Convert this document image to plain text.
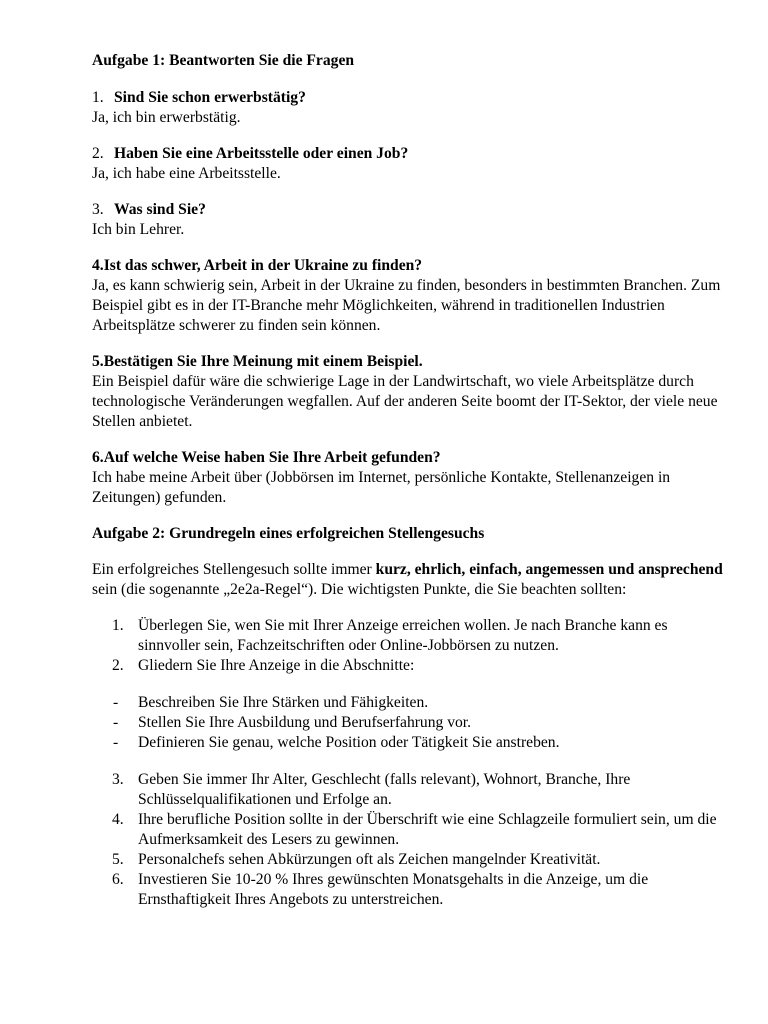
Aufgabe 1: Beantworten Sie die Fragen

1. Sind Sie schon erwerbstätig?

Ja, ich bin erwerbstätig.

2. Haben Sie eine Arbeitsstelle oder einen Job?

Ja, ich habe eine Arbeitsstelle.

3. Was sind Sie?

Ich bin Lehrer.

4.Ist das schwer, Arbeit in der Ukraine zu finden?

Ja, es kann schwierig sein, Arbeit in der Ukraine zu finden, besonders in bestimmten Branchen. Zum Beispiel gibt es in der IT-Branche mehr Möglichkeiten, während in traditionellen Industrien Arbeitsplätze schwerer zu finden sein können.

5.Bestätigen Sie Ihre Meinung mit einem Beispiel.

Ein Beispiel dafür wäre die schwierige Lage in der Landwirtschaft, wo viele Arbeitsplätze durch technologische Veränderungen wegfallen. Auf der anderen Seite boomt der IT-Sektor, der viele neue Stellen anbietet.

6.Auf welche Weise haben Sie Ihre Arbeit gefunden?

Ich habe meine Arbeit über (Jobbörsen im Internet, persönliche Kontakte, Stellenanzeigen in Zeitungen) gefunden.

Aufgabe 2: Grundregeln eines erfolgreichen Stellengesuchs

Ein erfolgreiches Stellengesuch sollte immer kurz, ehrlich, einfach, angemessen und ansprechend sein (die sogenannte „2e2a-Regel“). Die wichtigsten Punkte, die Sie beachten sollten:

1. Überlegen Sie, wen Sie mit Ihrer Anzeige erreichen wollen. Je nach Branche kann es sinnvoller sein, Fachzeitschriften oder Online-Jobbörsen zu nutzen.
2. Gliedern Sie Ihre Anzeige in die Abschnitte:
- Beschreiben Sie Ihre Stärken und Fähigkeiten.
- Stellen Sie Ihre Ausbildung und Berufserfahrung vor.
- Definieren Sie genau, welche Position oder Tätigkeit Sie anstreben.
3. Geben Sie immer Ihr Alter, Geschlecht (falls relevant), Wohnort, Branche, Ihre Schlüsselqualifikationen und Erfolge an.
4. Ihre berufliche Position sollte in der Überschrift wie eine Schlagzeile formuliert sein, um die Aufmerksamkeit des Lesers zu gewinnen.
5. Personalchefs sehen Abkürzungen oft als Zeichen mangelnder Kreativität.
6. Investieren Sie 10-20 % Ihres gewünschten Monatsgehalts in die Anzeige, um die Ernsthaftigkeit Ihres Angebots zu unterstreichen.
